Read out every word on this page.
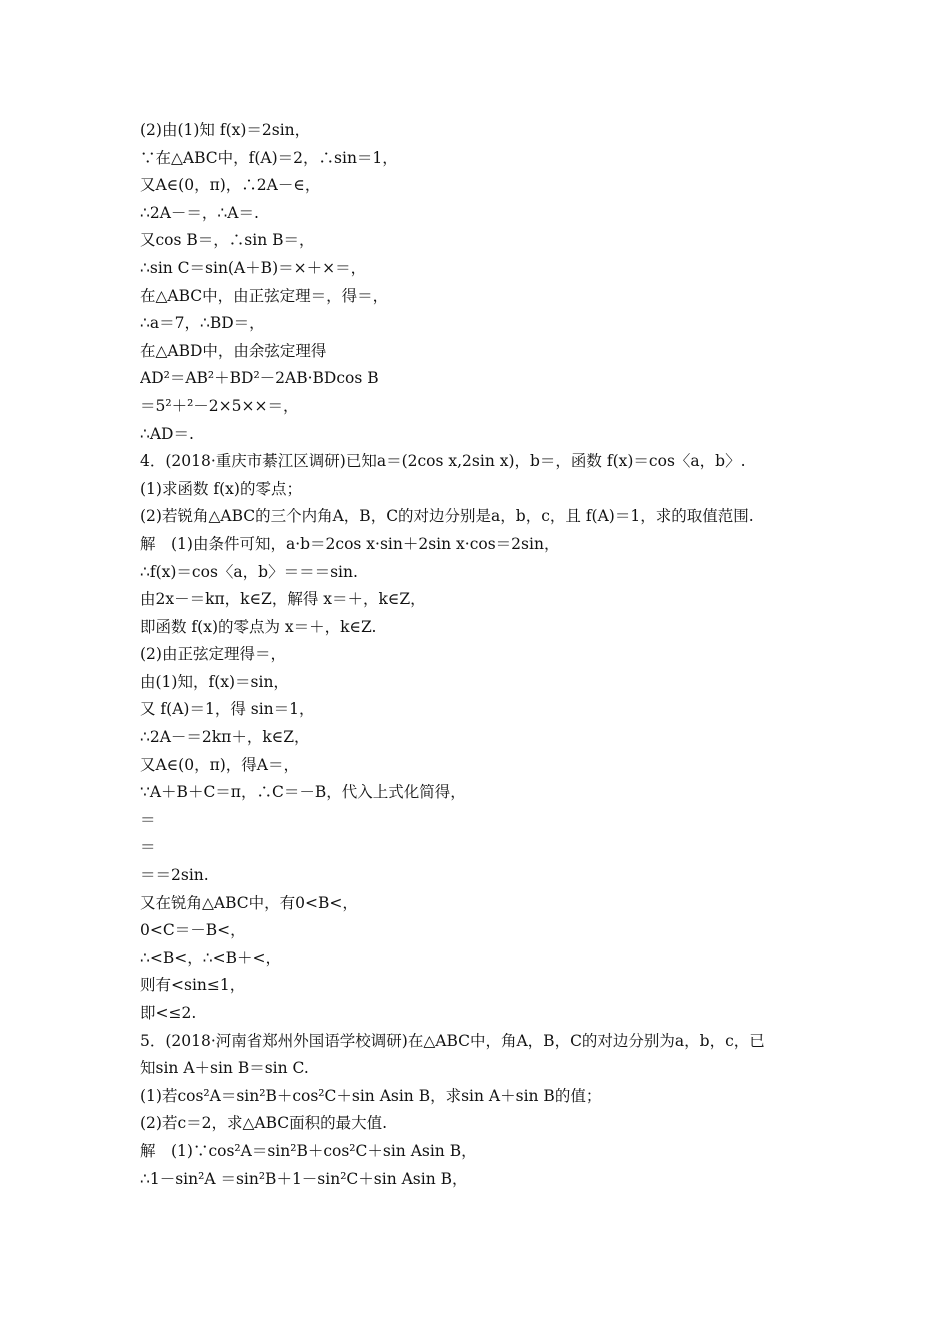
(2)由(1)知 f(x)＝2sin，
∵在△ABC中，f(A)＝2，∴sin＝1，
又A∈(0，π)，∴2A－∈，
∴2A－＝，∴A＝.
又cos B＝，∴sin B＝，
∴sin C＝sin(A＋B)＝×＋×＝，
在△ABC中，由正弦定理＝，得＝，
∴a＝7，∴BD＝，
在△ABD中，由余弦定理得
AD²＝AB²＋BD²－2AB·BDcos B
＝5²＋²－2×5××＝，
∴AD＝.
4．(2018·重庆市綦江区调研)已知a＝(2cos x,2sin x)，b＝，函数 f(x)＝cos〈a，b〉.
(1)求函数 f(x)的零点；
(2)若锐角△ABC的三个内角A，B，C的对边分别是a，b，c，且 f(A)＝1，求的取值范围.
解　(1)由条件可知，a·b＝2cos x·sin＋2sin x·cos＝2sin，
∴f(x)＝cos〈a，b〉＝＝＝sin.
由2x－＝kπ，k∈Z，解得 x＝＋，k∈Z，
即函数 f(x)的零点为 x＝＋，k∈Z.
(2)由正弦定理得＝，
由(1)知，f(x)＝sin，
又 f(A)＝1，得 sin＝1，
∴2A－＝2kπ＋，k∈Z，
又A∈(0，π)，得A＝，
∵A＋B＋C＝π，∴C＝－B，代入上式化简得，
＝
＝
＝＝2sin.
又在锐角△ABC中，有0<B<，
0<C＝－B<，
∴<B<，∴<B＋<，
则有<sin≤1，
即<≤2.
5．(2018·河南省郑州外国语学校调研)在△ABC中，角A，B，C的对边分别为a，b，c，已
知sin A＋sin B＝sin C.
(1)若cos²A＝sin²B＋cos²C＋sin Asin B，求sin A＋sin B的值；
(2)若c＝2，求△ABC面积的最大值.
解　(1)∵cos²A＝sin²B＋cos²C＋sin Asin B，
∴1－sin²A ＝sin²B＋1－sin²C＋sin Asin B，
